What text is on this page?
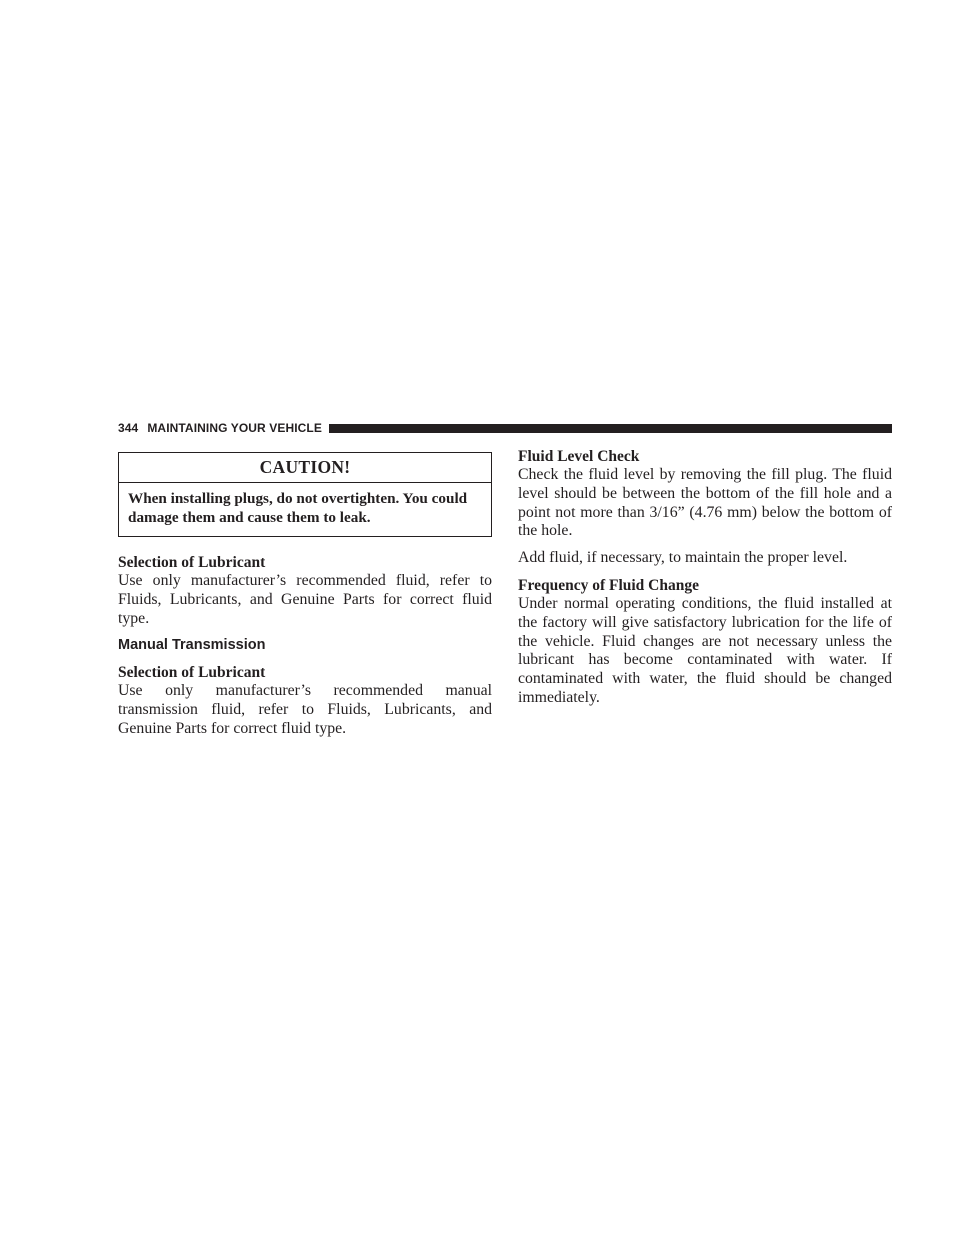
344 MAINTAINING YOUR VEHICLE
CAUTION!
When installing plugs, do not overtighten. You could damage them and cause them to leak.
Selection of Lubricant

Use only manufacturer’s recommended fluid, refer to Fluids, Lubricants, and Genuine Parts for correct fluid type.

Manual Transmission
Selection of Lubricant

Use only manufacturer’s recommended manual transmission fluid, refer to Fluids, Lubricants, and Genuine Parts for correct fluid type.

Fluid Level Check

Check the fluid level by removing the fill plug. The fluid level should be between the bottom of the fill hole and a point not more than 3/16” (4.76 mm) below the bottom of the hole.

Add fluid, if necessary, to maintain the proper level.

Frequency of Fluid Change

Under normal operating conditions, the fluid installed at the factory will give satisfactory lubrication for the life of the vehicle. Fluid changes are not necessary unless the lubricant has become contaminated with water. If contaminated with water, the fluid should be changed immediately.
